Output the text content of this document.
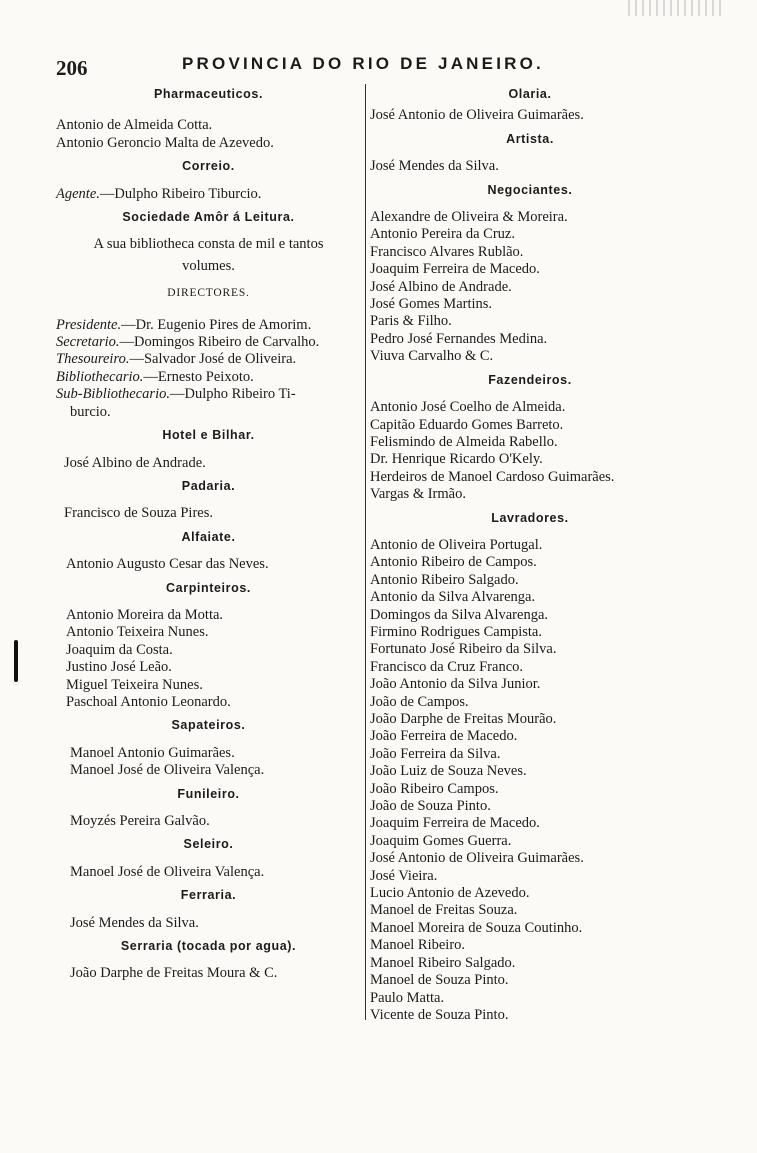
206	PROVINCIA DO RIO DE JANEIRO.
Pharmaceuticos.
Antonio de Almeida Cotta.
Antonio Geroncio Malta de Azevedo.
Correio.
Agente.—Dulpho Ribeiro Tiburcio.
Sociedade Amôr á Leitura.
A sua bibliotheca consta de mil e tantos
volumes.
DIRECTORES.
Presidente.—Dr. Eugenio Pires de Amorim.
Secretario.—Domingos Ribeiro de Carvalho.
Thesoureiro.—Salvador José de Oliveira.
Bibliothecario.—Ernesto Peixoto.
Sub-Bibliothecario.—Dulpho Ribeiro Ti-
burcio.
Hotel e Bilhar.
José Albino de Andrade.
Padaria.
Francisco de Souza Pires.
Alfaiate.
Antonio Augusto Cesar das Neves.
Carpinteiros.
Antonio Moreira da Motta.
Antonio Teixeira Nunes.
Joaquim da Costa.
Justino José Leão.
Miguel Teixeira Nunes.
Paschoal Antonio Leonardo.
Sapateiros.
Manoel Antonio Guimarães.
Manoel José de Oliveira Valença.
Funileiro.
Moyzés Pereira Galvão.
Seleiro.
Manoel José de Oliveira Valença.
Ferraria.
José Mendes da Silva.
Serraria (tocada por agua).
João Darphe de Freitas Moura & C.
Olaria.
José Antonio de Oliveira Guimarães.
Artista.
José Mendes da Silva.
Negociantes.
Alexandre de Oliveira & Moreira.
Antonio Pereira da Cruz.
Francisco Alvares Rublão.
Joaquim Ferreira de Macedo.
José Albino de Andrade.
José Gomes Martins.
Paris & Filho.
Pedro José Fernandes Medina.
Viuva Carvalho & C.
Fazendeiros.
Antonio José Coelho de Almeida.
Capitão Eduardo Gomes Barreto.
Felismindo de Almeida Rabello.
Dr. Henrique Ricardo O'Kely.
Herdeiros de Manoel Cardoso Guimarães.
Vargas & Irmão.
Lavradores.
Antonio de Oliveira Portugal.
Antonio Ribeiro de Campos.
Antonio Ribeiro Salgado.
Antonio da Silva Alvarenga.
Domingos da Silva Alvarenga.
Firmino Rodrigues Campista.
Fortunato José Ribeiro da Silva.
Francisco da Cruz Franco.
João Antonio da Silva Junior.
João de Campos.
João Darphe de Freitas Mourão.
João Ferreira de Macedo.
João Ferreira da Silva.
João Luiz de Souza Neves.
João Ribeiro Campos.
João de Souza Pinto.
Joaquim Ferreira de Macedo.
Joaquim Gomes Guerra.
José Antonio de Oliveira Guimarães.
José Vieira.
Lucio Antonio de Azevedo.
Manoel de Freitas Souza.
Manoel Moreira de Souza Coutinho.
Manoel Ribeiro.
Manoel Ribeiro Salgado.
Manoel de Souza Pinto.
Paulo Matta.
Vicente de Souza Pinto.
